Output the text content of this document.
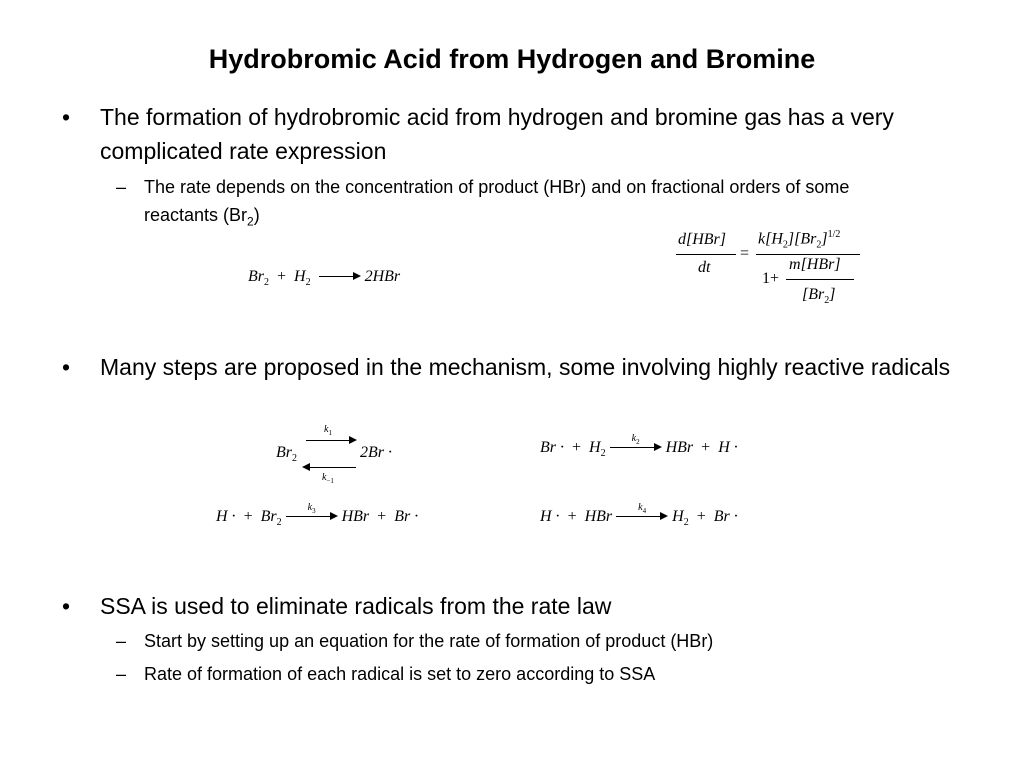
Hydrobromic Acid from Hydrogen and Bromine
• The formation of hydrobromic acid from hydrogen and bromine gas has a very complicated rate expression
– The rate depends on the concentration of product (HBr) and on fractional orders of some reactants $(Br_2)$
$Br_2 + H_2$	2HBr
d[HBr]
dt
=
$k[H_2][Br_2]^{1/2}$
1+
m[HBr]
$[Br_2]$
• Many steps are proposed in the mechanism, some involving highly reactive radicals
$Br_2$
$k_1$
$k_{-1}$
2Br ·	Br · + $H_2$
$k_2$	HBr + H ·
H · + $Br_2$
$k_3$	HBr + Br ·	H · + HBr
$k_4$	$H_2 + Br$ ·
• SSA is used to eliminate radicals from the rate law
– Start by setting up an equation for the rate of formation of product (HBr)
– Rate of formation of each radical is set to zero according to SSA
